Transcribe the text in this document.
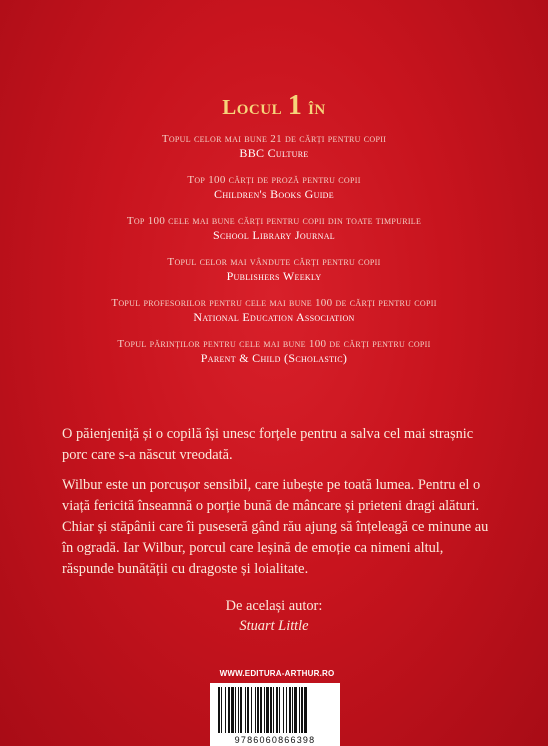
Locul 1 în
Topul celor mai bune 21 de cărți pentru copii
BBC Culture
Top 100 cărți de proză pentru copii
Children's Books Guide
Top 100 cele mai bune cărți pentru copii din toate timpurile
School Library Journal
Topul celor mai vândute cărți pentru copii
Publishers Weekly
Topul profesorilor pentru cele mai bune 100 de cărți pentru copii
National Education Association
Topul părinților pentru cele mai bune 100 de cărți pentru copii
Parent & Child (Scholastic)

O păienjeniță și o copilă își unesc forțele pentru a salva cel mai strașnic porc care s-a născut vreodată.

Wilbur este un porcușor sensibil, care iubește pe toată lumea. Pentru el o viață fericită înseamnă o porție bună de mâncare și prieteni dragi alături. Chiar și stăpânii care îi puseseră gând rău ajung să înțeleagă ce minune au în ogradă. Iar Wilbur, porcul care leșină de emoție ca nimeni altul, răspunde bunătății cu dragoste și loialitate.

De același autor:

Stuart Little

WWW.EDITURA-ARTHUR.RO
9786060866398
